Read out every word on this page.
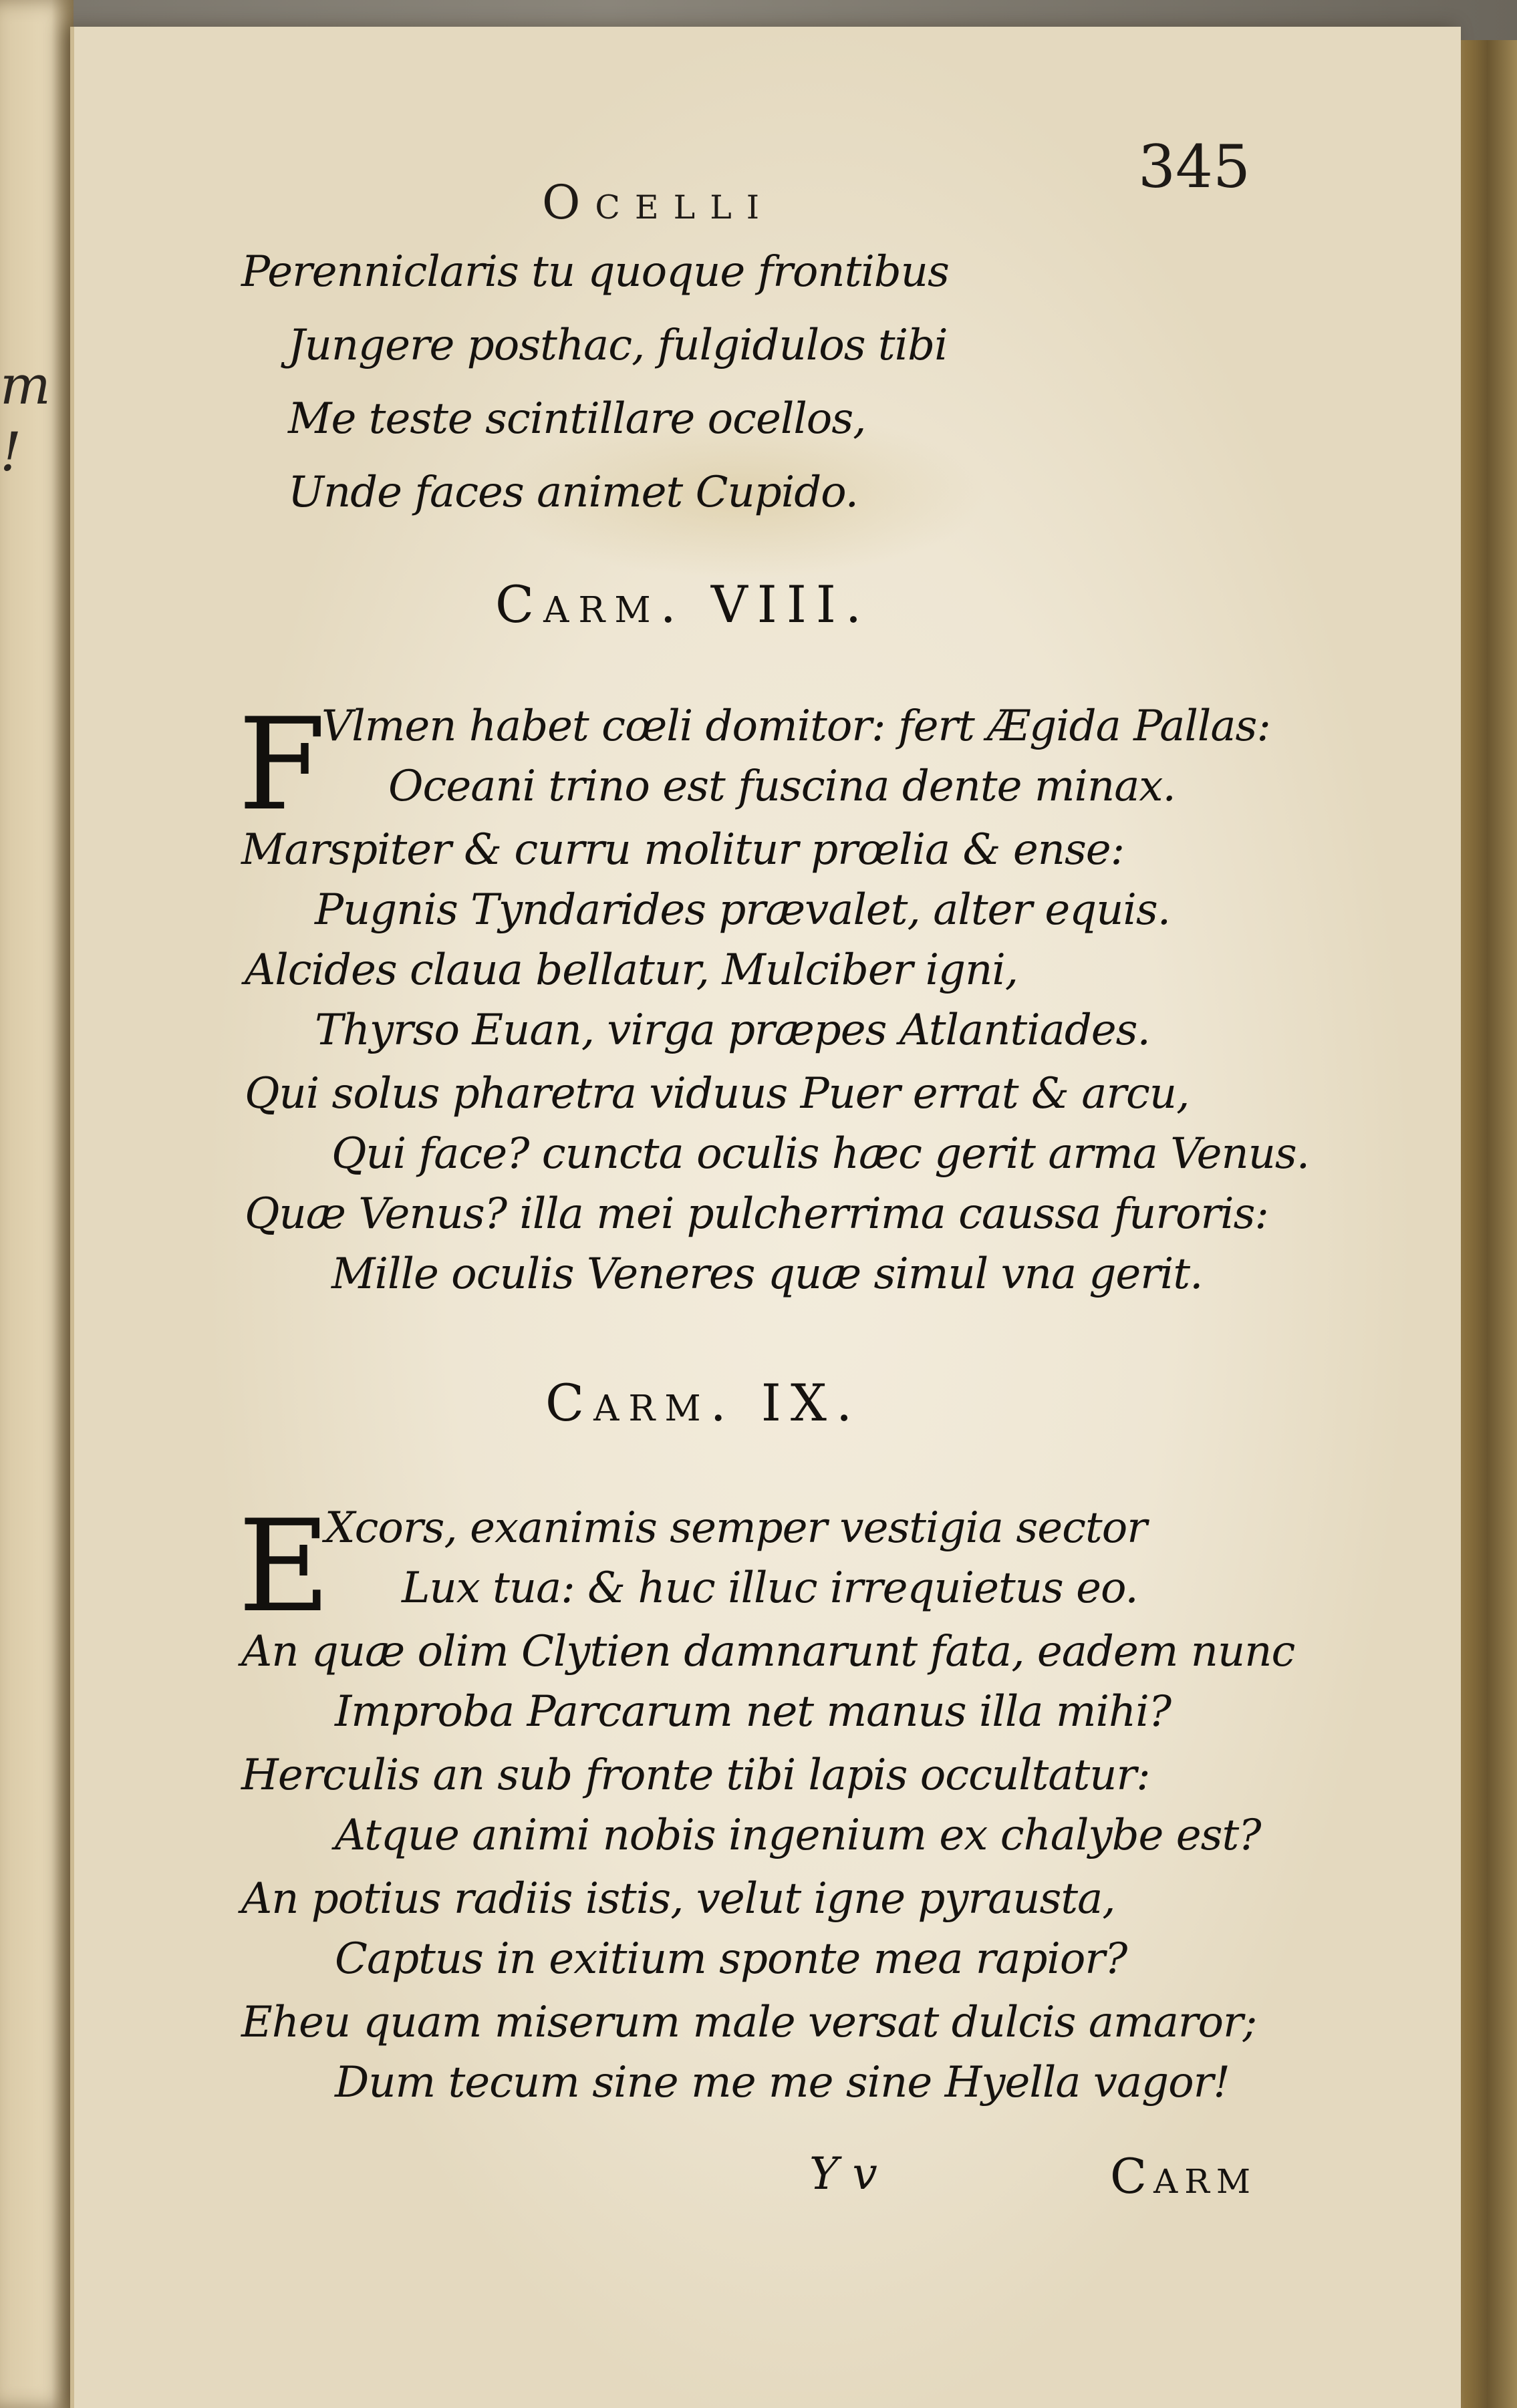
m
!
Ocelli
345
Perenniclaris tu quoque frontibus
Jungere posthac, fulgidulos tibi
Me teste scintillare ocellos,
Unde faces animet Cupido.
Carm. VIII.
F
Vlmen habet cœli domitor: fert Ægida Pallas:
Oceani trino est fuscina dente minax.
Marspiter & curru molitur prœlia & ense:
Pugnis Tyndarides prævalet, alter equis.
Alcides claua bellatur, Mulciber igni,
Thyrso Euan, virga præpes Atlantiades.
Qui solus pharetra viduus Puer errat & arcu,
Qui face? cuncta oculis hæc gerit arma Venus.
Quæ Venus? illa mei pulcherrima caussa furoris:
Mille oculis Veneres quæ simul vna gerit.
Carm. IX.
E
Xcors, exanimis semper vestigia sector
Lux tua: & huc illuc irrequietus eo.
An quæ olim Clytien damnarunt fata, eadem nunc
Improba Parcarum net manus illa mihi?
Herculis an sub fronte tibi lapis occultatur:
Atque animi nobis ingenium ex chalybe est?
An potius radiis istis, velut igne pyrausta,
Captus in exitium sponte mea rapior?
Eheu quam miserum male versat dulcis amaror;
Dum tecum sine me me sine Hyella vagor!
Y v	Carm
